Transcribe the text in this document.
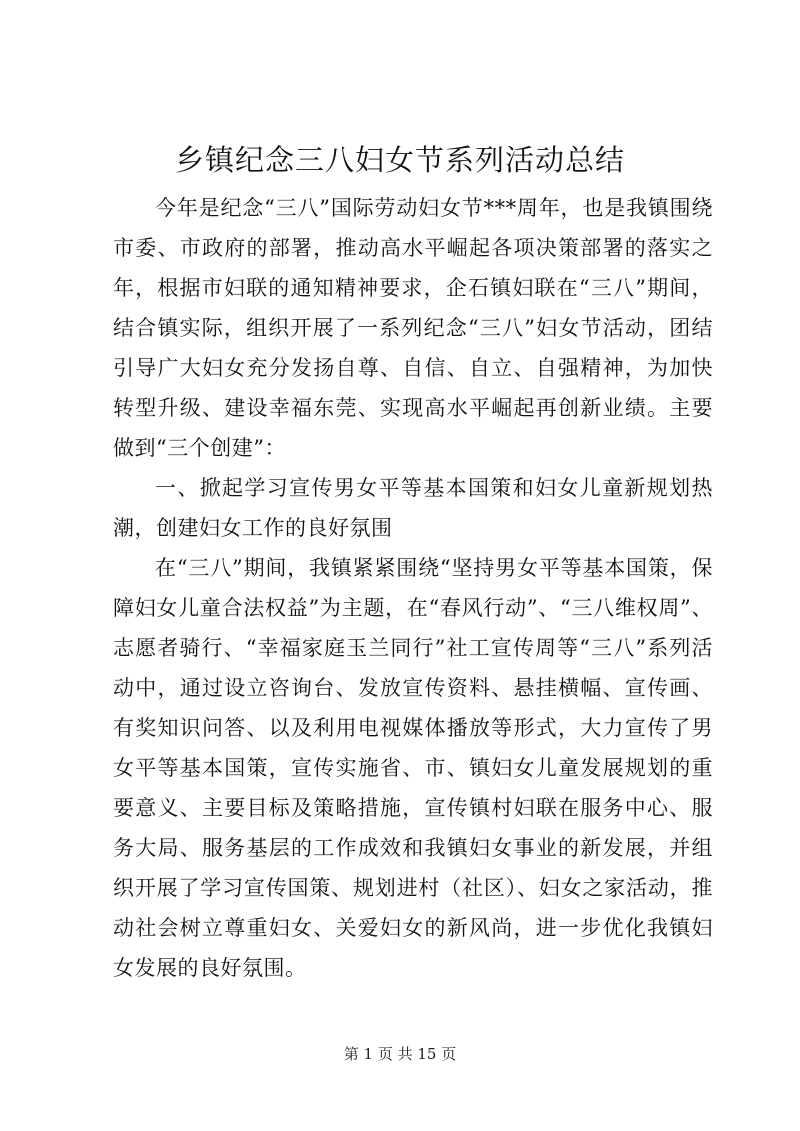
乡镇纪念三八妇女节系列活动总结

今年是纪念“三八”国际劳动妇女节***周年，也是我镇围绕市委、市政府的部署，推动高水平崛起各项决策部署的落实之年，根据市妇联的通知精神要求，企石镇妇联在“三八”期间，结合镇实际，组织开展了一系列纪念“三八”妇女节活动，团结引导广大妇女充分发扬自尊、自信、自立、自强精神，为加快转型升级、建设幸福东莞、实现高水平崛起再创新业绩。主要做到“三个创建”：

一、掀起学习宣传男女平等基本国策和妇女儿童新规划热潮，创建妇女工作的良好氛围

在“三八”期间，我镇紧紧围绕“坚持男女平等基本国策，保障妇女儿童合法权益”为主题，在“春风行动”、“三八维权周”、志愿者骑行、“幸福家庭玉兰同行”社工宣传周等“三八”系列活动中，通过设立咨询台、发放宣传资料、悬挂横幅、宣传画、有奖知识问答、以及利用电视媒体播放等形式，大力宣传了男女平等基本国策，宣传实施省、市、镇妇女儿童发展规划的重要意义、主要目标及策略措施，宣传镇村妇联在服务中心、服务大局、服务基层的工作成效和我镇妇女事业的新发展，并组织开展了学习宣传国策、规划进村（社区）、妇女之家活动，推动社会树立尊重妇女、关爱妇女的新风尚，进一步优化我镇妇女发展的良好氛围。

第 1 页 共 15 页
